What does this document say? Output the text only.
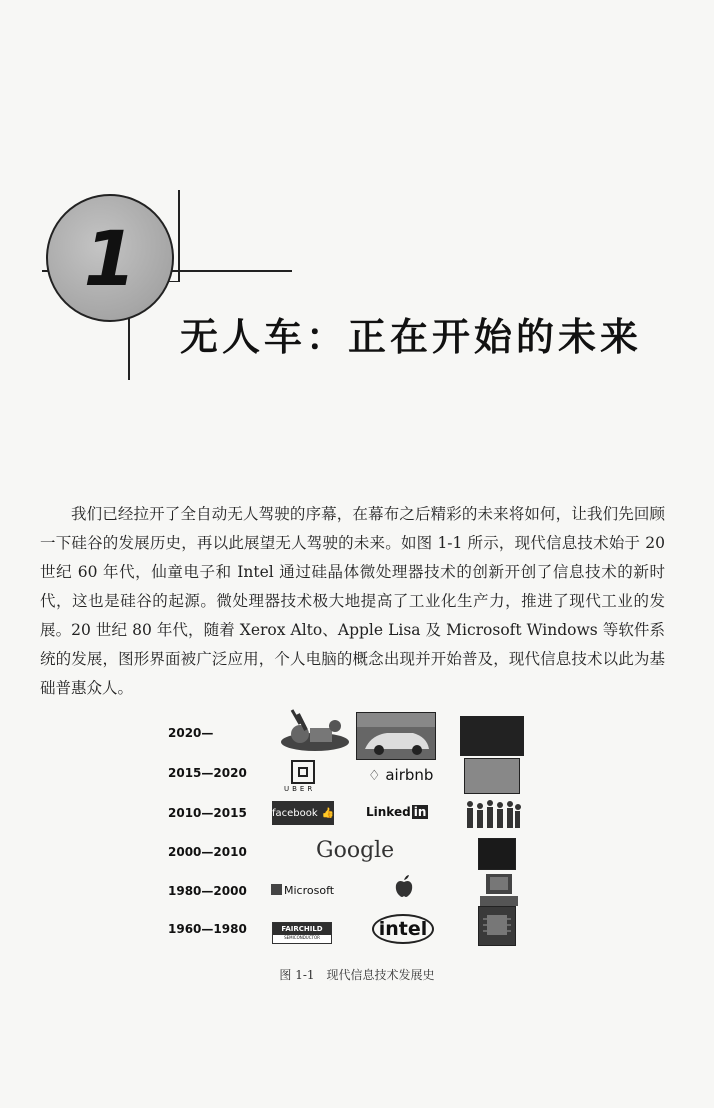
1
无人车：正在开始的未来

我们已经拉开了全自动无人驾驶的序幕，在幕布之后精彩的未来将如何，让我们先回顾一下硅谷的发展历史，再以此展望无人驾驶的未来。如图 1-1 所示，现代信息技术始于 20 世纪 60 年代，仙童电子和 Intel 通过硅晶体微处理器技术的创新开创了信息技术的新时代，这也是硅谷的起源。微处理器技术极大地提高了工业化生产力，推进了现代工业的发展。20 世纪 80 年代，随着 Xerox Alto、Apple Lisa 及 Microsoft Windows 等软件系统的发展，图形界面被广泛应用，个人电脑的概念出现并开始普及，现代信息技术以此为基础普惠众人。

2020—
2015—2020
2010—2015
2000—2010
1980—2000
1960—1980
UBER
♢ airbnb
facebook 👍	Linked in
Google
Microsoft
FAIRCHILD
SEMICONDUCTOR	intel
图 1-1　现代信息技术发展史
